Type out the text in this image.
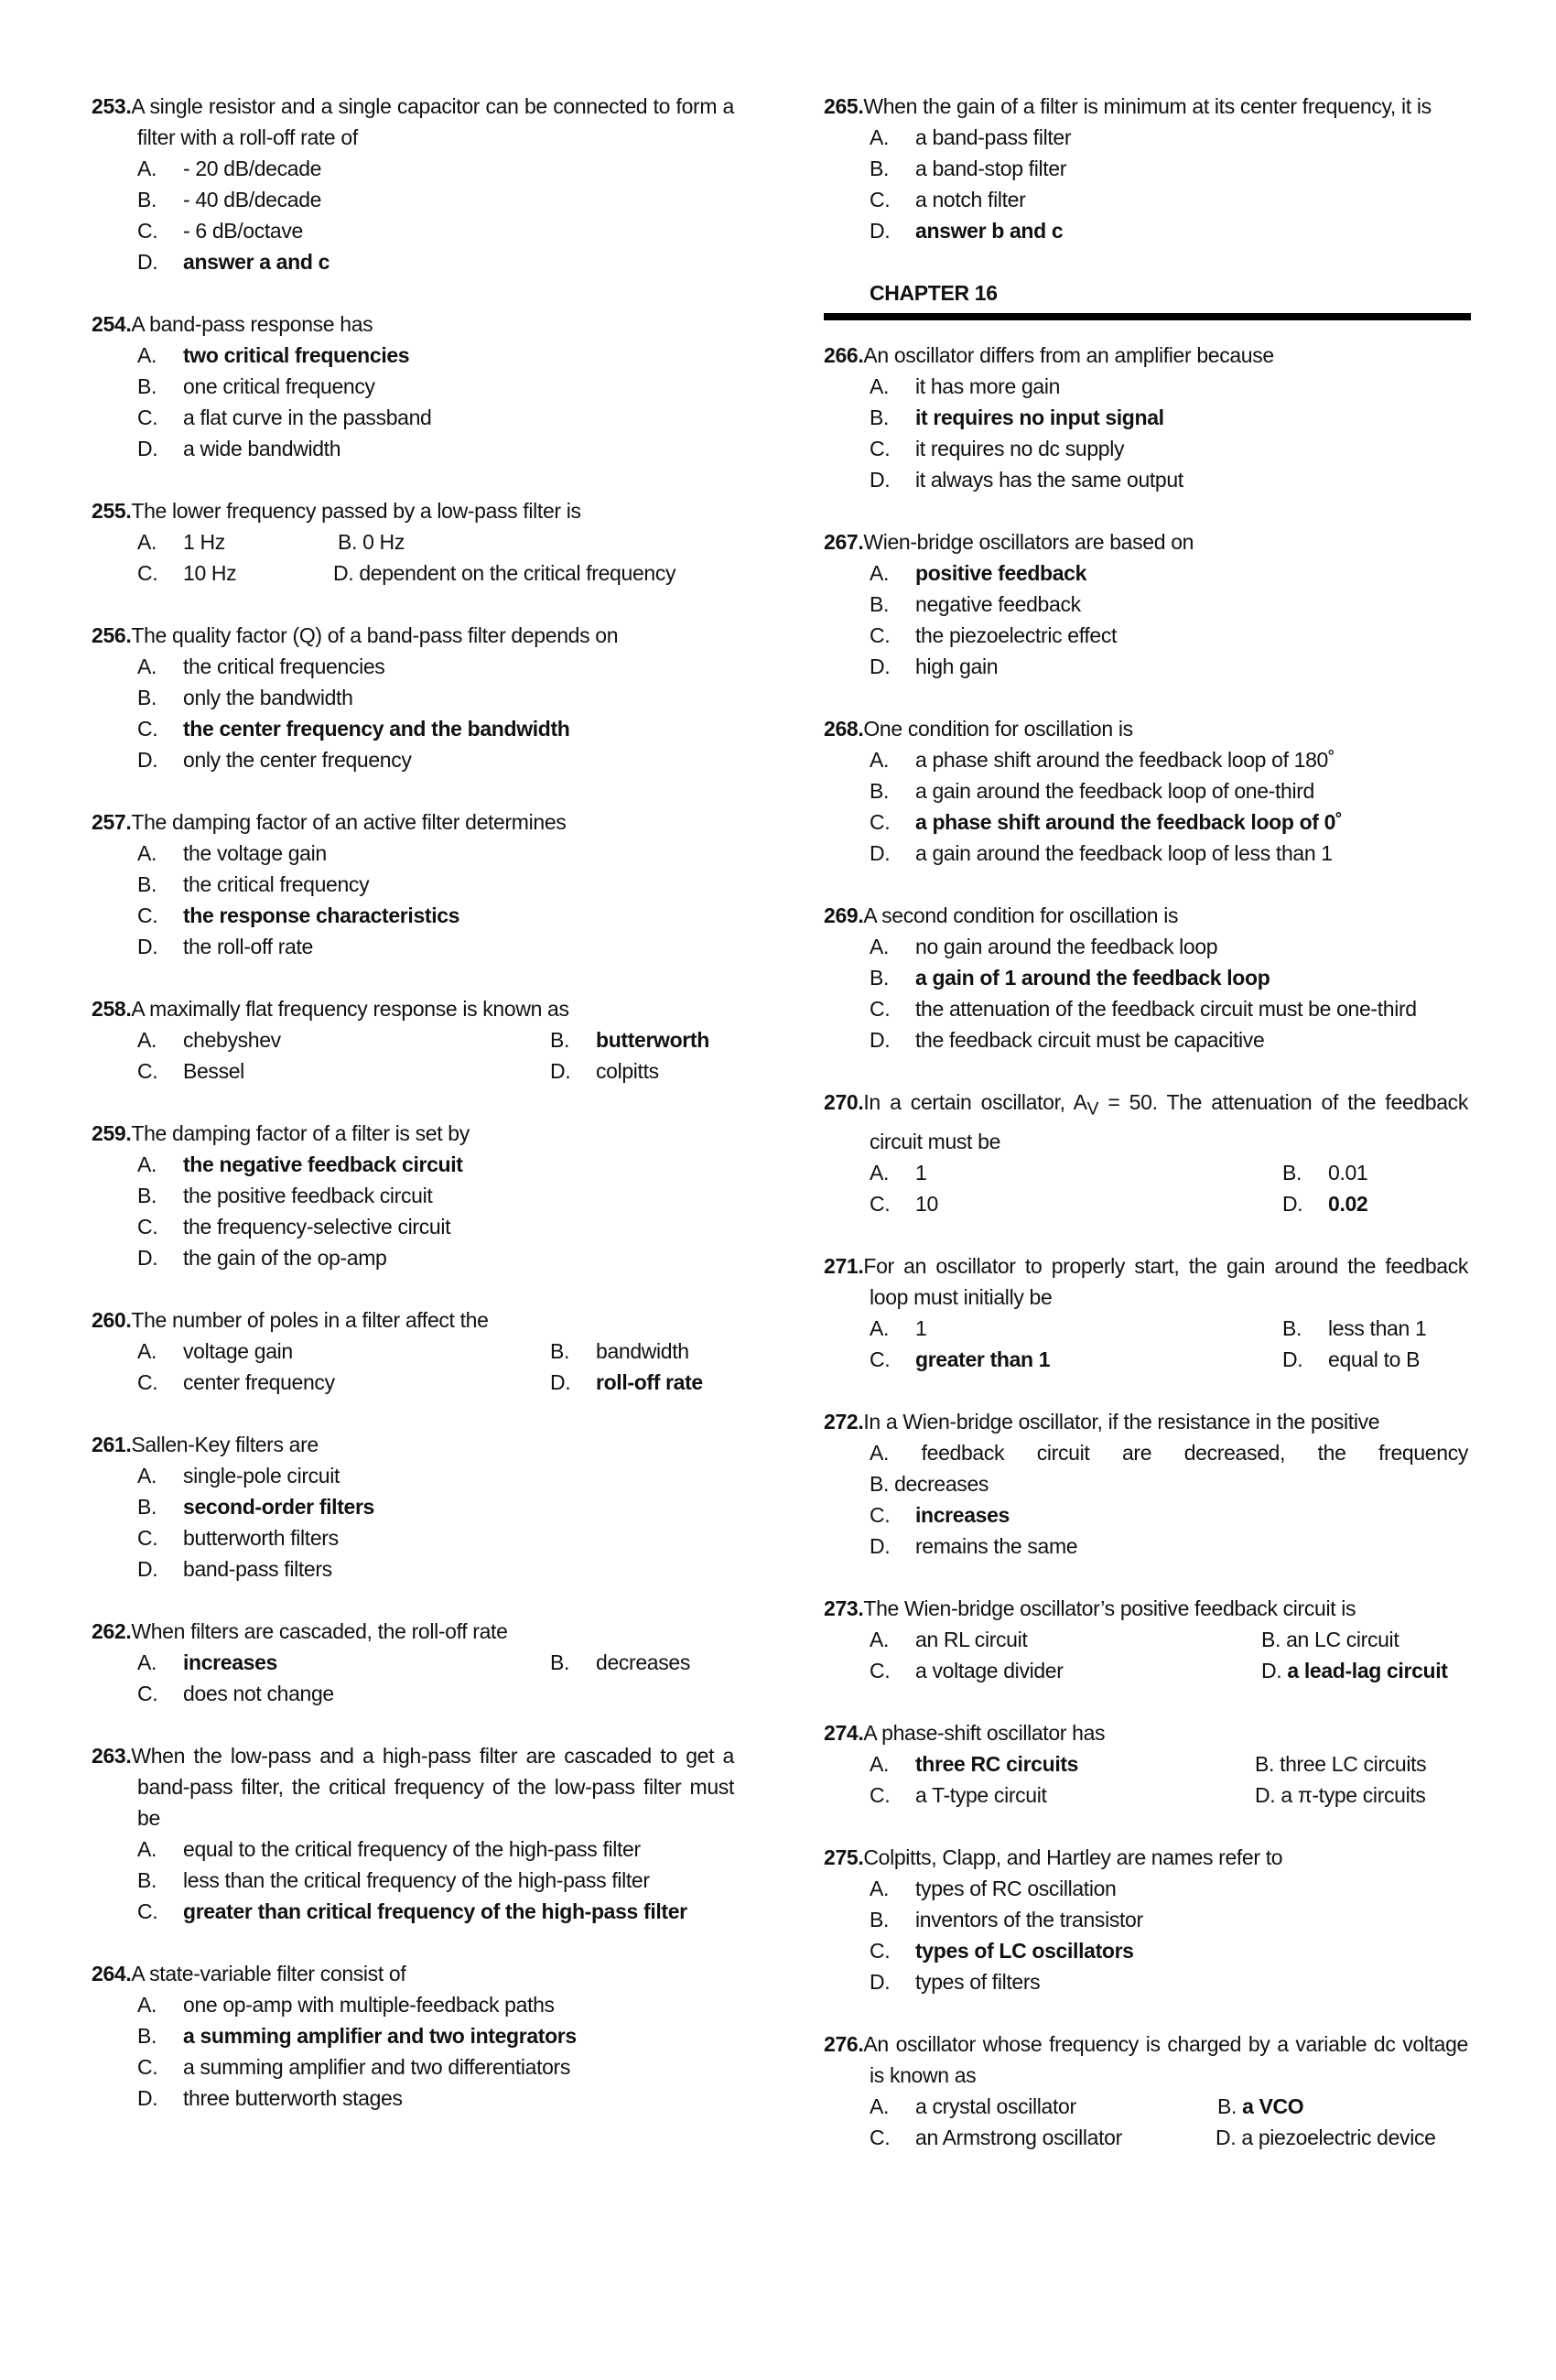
253.A single resistor and a single capacitor can be connected to form a filter with a roll-off rate of
A. - 20 dB/decade
B. - 40 dB/decade
C. - 6 dB/octave
D. answer a and c
254.A band-pass response has
A. two critical frequencies
B. one critical frequency
C. a flat curve in the passband
D. a wide bandwidth
255.The lower frequency passed by a low-pass filter is
A. 1 Hz	B. 0 Hz
C. 10 Hz	D. dependent on the critical frequency
256.The quality factor (Q) of a band-pass filter depends on
A. the critical frequencies
B. only the bandwidth
C. the center frequency and the bandwidth
D. only the center frequency
257.The damping factor of an active filter determines
A. the voltage gain
B. the critical frequency
C. the response characteristics
D. the roll-off rate
258.A maximally flat frequency response is known as
A. chebyshev	B. butterworth
C. Bessel	D. colpitts
259.The damping factor of a filter is set by
A. the negative feedback circuit
B. the positive feedback circuit
C. the frequency-selective circuit
D. the gain of the op-amp
260.The number of poles in a filter affect the
A. voltage gain	B. bandwidth
C. center frequency	D. roll-off rate
261.Sallen-Key filters are
A. single-pole circuit
B. second-order filters
C. butterworth filters
D. band-pass filters
262.When filters are cascaded, the roll-off rate
A. increases	B. decreases
C. does not change
263.When the low-pass and a high-pass filter are cascaded to get a band-pass filter, the critical frequency of the low-pass filter must be
A. equal to the critical frequency of the high-pass filter
B. less than the critical frequency of the high-pass filter
C. greater than critical frequency of the high-pass filter
264.A state-variable filter consist of
A. one op-amp with multiple-feedback paths
B. a summing amplifier and two integrators
C. a summing amplifier and two differentiators
D. three butterworth stages
265.When the gain of a filter is minimum at its center frequency, it is
A. a band-pass filter
B. a band-stop filter
C. a notch filter
D. answer b and c
CHAPTER 16
266.An oscillator differs from an amplifier because
A. it has more gain
B. it requires no input signal
C. it requires no dc supply
D. it always has the same output
267.Wien-bridge oscillators are based on
A. positive feedback
B. negative feedback
C. the piezoelectric effect
D. high gain
268.One condition for oscillation is
A. a phase shift around the feedback loop of 180˚
B. a gain around the feedback loop of one-third
C. a phase shift around the feedback loop of 0˚
D. a gain around the feedback loop of less than 1
269.A second condition for oscillation is
A. no gain around the feedback loop
B. a gain of 1 around the feedback loop
C. the attenuation of the feedback circuit must be one-third
D. the feedback circuit must be capacitive
270.In a certain oscillator, $A_V = 50$. The attenuation of the feedback circuit must be
A. 1	B. 0.01
C. 10	D. 0.02
271.For an oscillator to properly start, the gain around the feedback loop must initially be
A. 1	B. less than 1
C. greater than 1	D. equal to B
272.In a Wien-bridge oscillator, if the resistance in the positive
A. feedback circuit are decreased, the frequency
B. decreases
C. increases
D. remains the same
273.The Wien-bridge oscillator’s positive feedback circuit is
A. an RL circuit	B. an LC circuit
C. a voltage divider	D. a lead-lag circuit
274.A phase-shift oscillator has
A. three RC circuits	B. three LC circuits
C. a T-type circuit	D. a π-type circuits
275.Colpitts, Clapp, and Hartley are names refer to
A. types of RC oscillation
B. inventors of the transistor
C. types of LC oscillators
D. types of filters
276.An oscillator whose frequency is charged by a variable dc voltage is known as
A. a crystal oscillator	B. a VCO
C. an Armstrong oscillator	D. a piezoelectric device
